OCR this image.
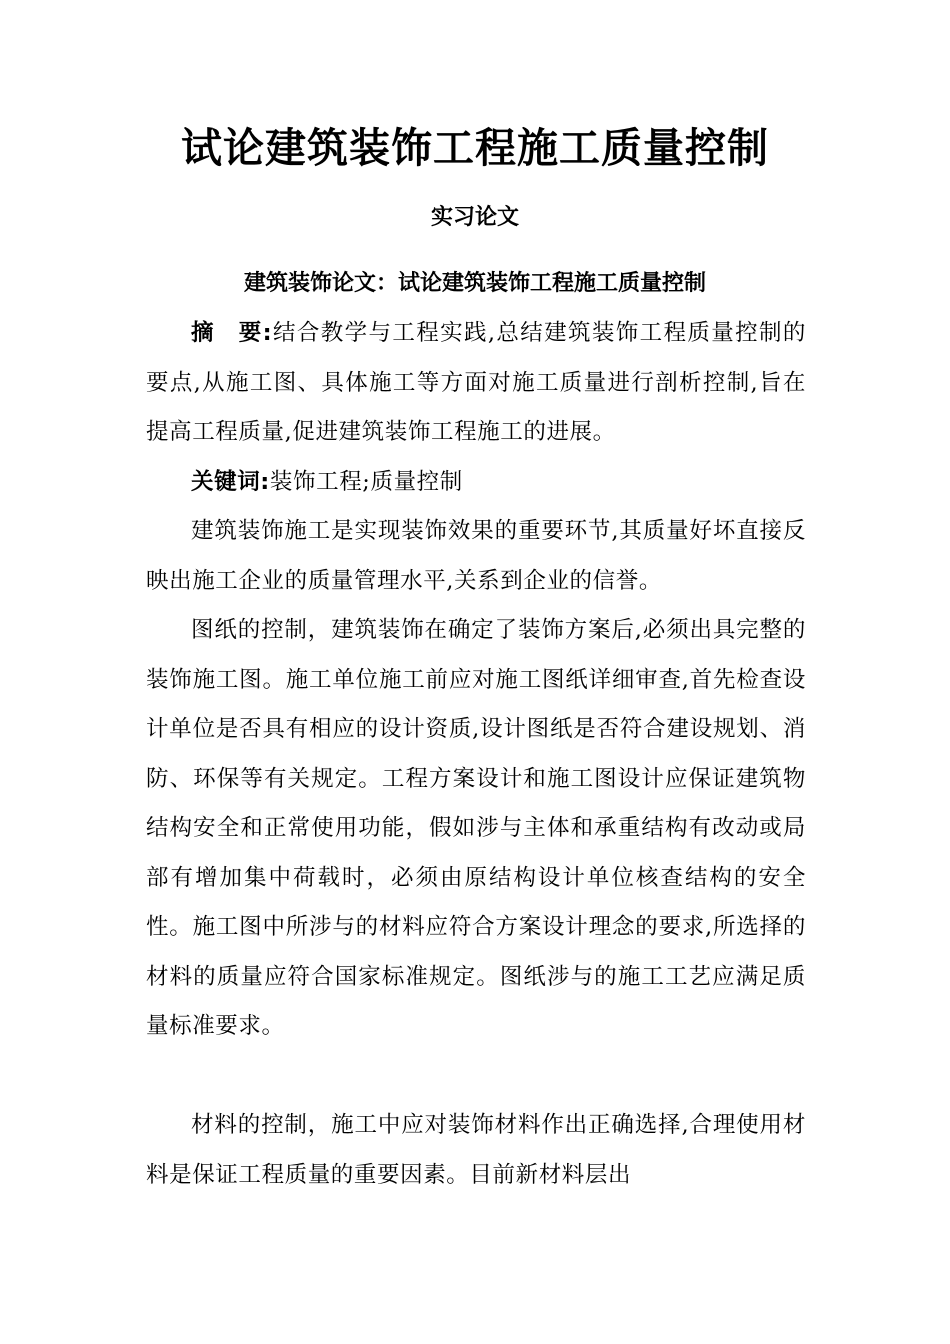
试论建筑装饰工程施工质量控制
实习论文
建筑装饰论文：试论建筑装饰工程施工质量控制

摘　要:结合教学与工程实践,总结建筑装饰工程质量控制的要点,从施工图、具体施工等方面对施工质量进行剖析控制,旨在提高工程质量,促进建筑装饰工程施工的进展。

关键词:装饰工程;质量控制

建筑装饰施工是实现装饰效果的重要环节,其质量好坏直接反映出施工企业的质量管理水平,关系到企业的信誉。

图纸的控制，建筑装饰在确定了装饰方案后,必须出具完整的装饰施工图。施工单位施工前应对施工图纸详细审查,首先检查设计单位是否具有相应的设计资质,设计图纸是否符合建设规划、消防、环保等有关规定。工程方案设计和施工图设计应保证建筑物结构安全和正常使用功能，假如涉与主体和承重结构有改动或局部有增加集中荷载时，必须由原结构设计单位核查结构的安全性。施工图中所涉与的材料应符合方案设计理念的要求,所选择的材料的质量应符合国家标准规定。图纸涉与的施工工艺应满足质量标准要求。

材料的控制，施工中应对装饰材料作出正确选择,合理使用材料是保证工程质量的重要因素。目前新材料层出
